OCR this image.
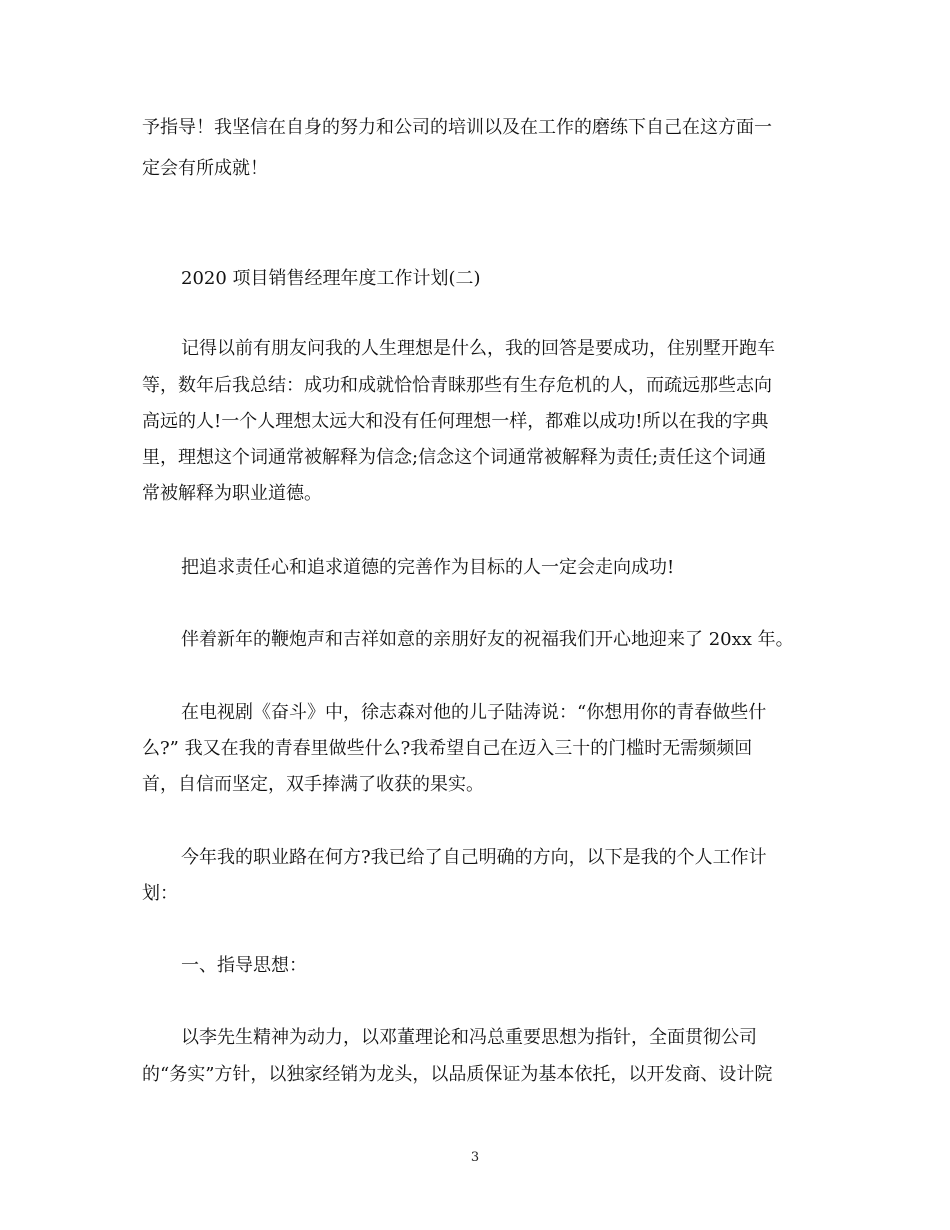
予指导！我坚信在自身的努力和公司的培训以及在工作的磨练下自己在这方面一
定会有所成就！
2020 项目销售经理年度工作计划(二)
记得以前有朋友问我的人生理想是什么，我的回答是要成功，住别墅开跑车
等，数年后我总结：成功和成就恰恰青睐那些有生存危机的人，而疏远那些志向
高远的人!一个人理想太远大和没有任何理想一样，都难以成功!所以在我的字典
里，理想这个词通常被解释为信念;信念这个词通常被解释为责任;责任这个词通
常被解释为职业道德。
把追求责任心和追求道德的完善作为目标的人一定会走向成功!
伴着新年的鞭炮声和吉祥如意的亲朋好友的祝福我们开心地迎来了 20xx 年。
在电视剧《奋斗》中，徐志森对他的儿子陆涛说：“你想用你的青春做些什
么?” 我又在我的青春里做些什么?我希望自己在迈入三十的门槛时无需频频回
首，自信而坚定，双手捧满了收获的果实。
今年我的职业路在何方?我已给了自己明确的方向，以下是我的个人工作计
划：
一、指导思想：
以李先生精神为动力，以邓董理论和冯总重要思想为指针，全面贯彻公司
的“务实”方针，以独家经销为龙头，以品质保证为基本依托，以开发商、设计院
3
